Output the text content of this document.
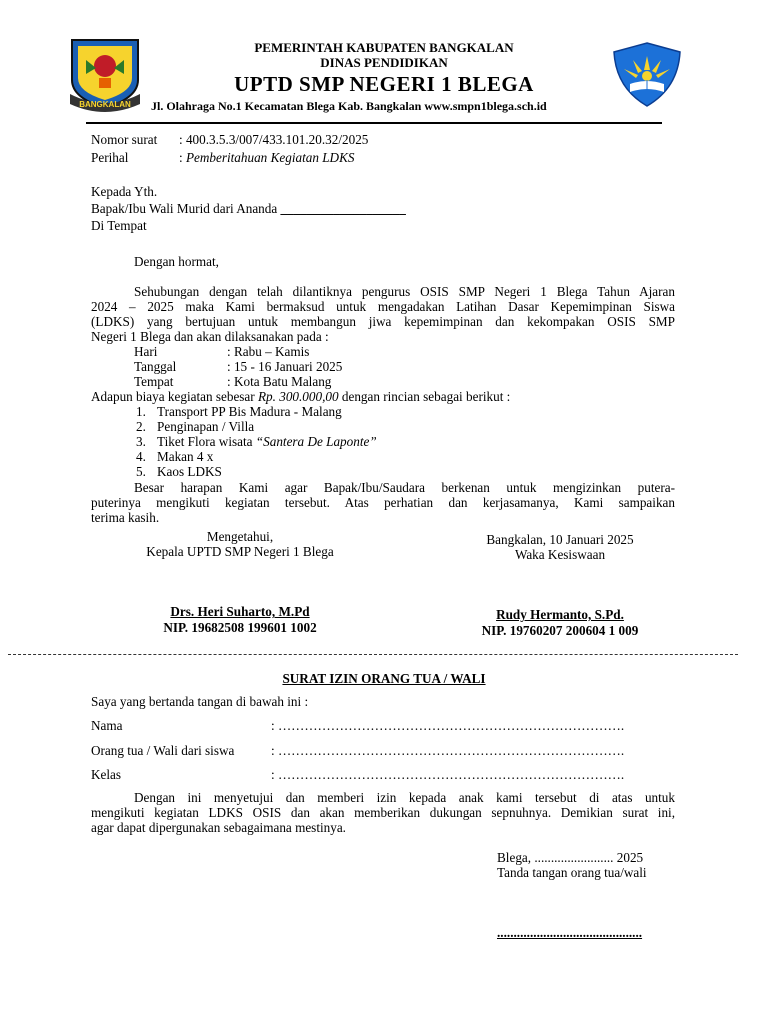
BANGKALAN
PEMERINTAH KABUPATEN BANGKALAN
DINAS PENDIDIKAN
UPTD SMP NEGERI 1 BLEGA
Jl. Olahraga No.1 Kecamatan Blega Kab. Bangkalan www.smpn1blega.sch.id
Nomor surat : 400.3.5.3/007/433.101.20.32/2025
Perihal	: Pemberitahuan Kegiatan LDKS
Kepada Yth.
Bapak/Ibu Wali Murid dari Ananda ___________________
Di Tempat
Dengan hormat,
Sehubungan dengan telah dilantiknya pengurus OSIS SMP Negeri 1 Blega Tahun Ajaran
2024 – 2025 maka Kami bermaksud untuk mengadakan Latihan Dasar Kepemimpinan Siswa
(LDKS) yang bertujuan untuk membangun jiwa kepemimpinan dan kekompakan OSIS SMP
Negeri 1 Blega dan akan dilaksanakan pada :
Hari	: Rabu – Kamis
Tanggal	: 15 - 16 Januari 2025
Tempat	: Kota Batu Malang
Adapun biaya kegiatan sebesar Rp. 300.000,00 dengan rincian sebagai berikut :
1. Transport PP Bis Madura - Malang
2. Penginapan / Villa
3. Tiket Flora wisata “Santera De Laponte”
4. Makan 4 x
5. Kaos LDKS
Besar harapan Kami agar Bapak/Ibu/Saudara berkenan untuk mengizinkan putera-
puterinya mengikuti kegiatan tersebut. Atas perhatian dan kerjasamanya, Kami sampaikan
terima kasih.
Mengetahui,
Kepala UPTD SMP Negeri 1 Blega
Drs. Heri Suharto, M.Pd
NIP. 19682508 199601 1002
Bangkalan, 10 Januari 2025
Waka Kesiswaan
Rudy Hermanto, S.Pd.
NIP. 19760207 200604 1 009
SURAT IZIN ORANG TUA / WALI
Saya yang bertanda tangan di bawah ini :
Nama	: …………………………………………………………………….
Orang tua / Wali dari siswa	: …………………………………………………………………….
Kelas	: …………………………………………………………………….
Dengan ini menyetujui dan memberi izin kepada anak kami tersebut di atas untuk
mengikuti kegiatan LDKS OSIS dan akan memberikan dukungan sepnuhnya. Demikian surat ini,
agar dapat dipergunakan sebagaimana mestinya.
Blega, ........................ 2025
Tanda tangan orang tua/wali
............................................
